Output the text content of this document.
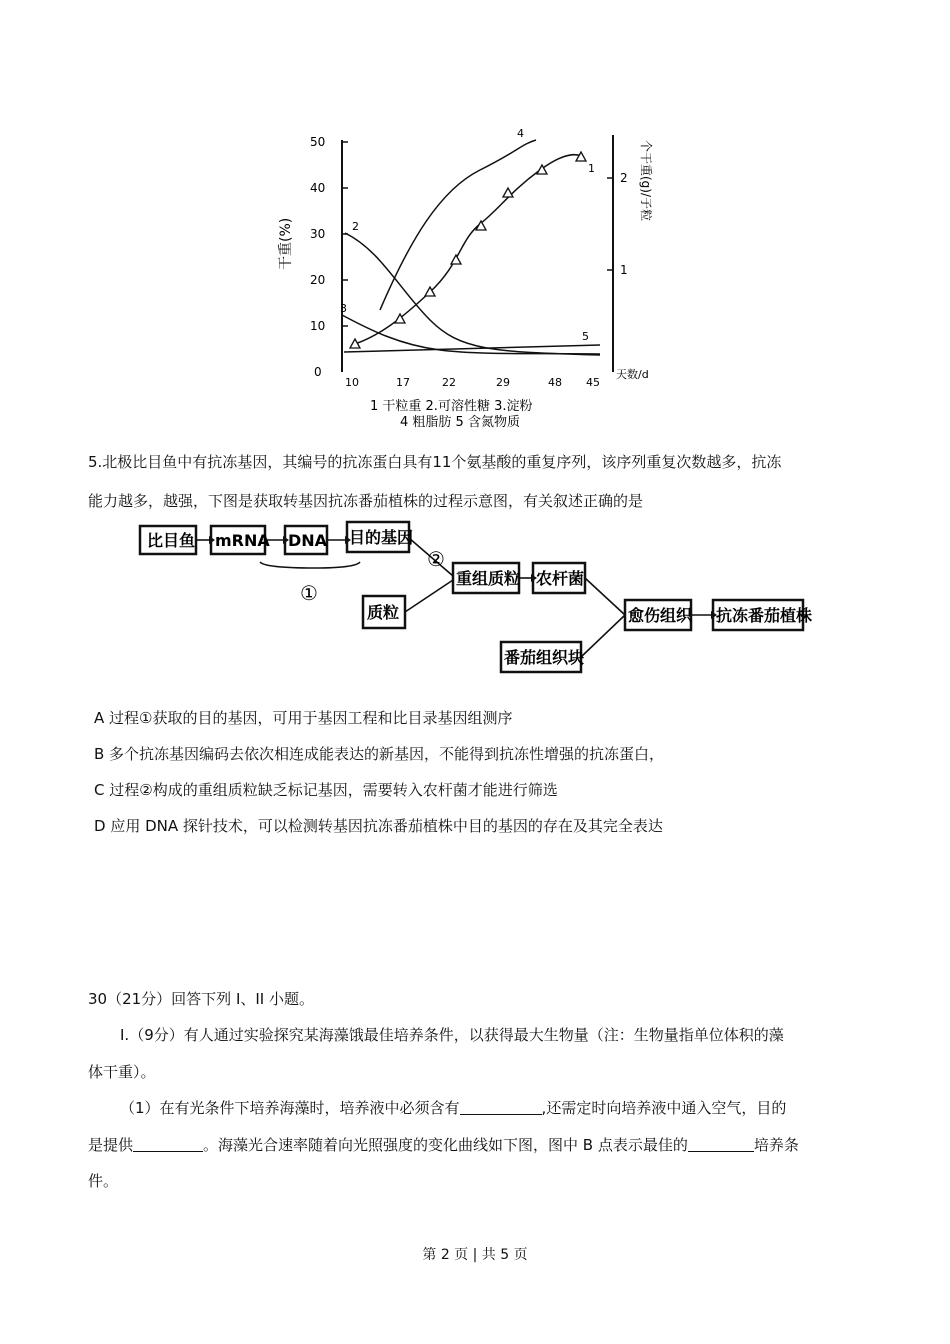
0
10
20
30
40
50
2
1
干重(%)
个干重(g)/子粒
10	17	22	29	48 45
天数/d
1
2
3
4
5
1 干粒重 2.可溶性糖 3.淀粉
4 粗脂肪 5 含氮物质
5.北极比目鱼中有抗冻基因，其编号的抗冻蛋白具有11个氨基酸的重复序列，该序列重复次数越多，抗冻
能力越多，越强，下图是获取转基因抗冻番茄植株的过程示意图，有关叙述正确的是
比目鱼 mRNA DNA 目的基因
质粒
重组质粒 农杆菌
番茄组织块
愈伤组织 抗冻番茄植株
①
②
A 过程①获取的目的基因，可用于基因工程和比目录基因组测序
B 多个抗冻基因编码去依次相连成能表达的新基因，不能得到抗冻性增强的抗冻蛋白，
C 过程②构成的重组质粒缺乏标记基因，需要转入农杆菌才能进行筛选
D 应用 DNA 探针技术，可以检测转基因抗冻番茄植株中目的基因的存在及其完全表达
30（21分）回答下列 I、II 小题。
I.（9分）有人通过实验探究某海藻饿最佳培养条件，以获得最大生物量（注：生物量指单位体积的藻
体干重）。
（1）在有光条件下培养海藻时，培养液中必须含有	,还需定时向培养液中通入空气，目的
是提供	。海藻光合速率随着向光照强度的变化曲线如下图，图中 B 点表示最佳的	培养条
件。
第 2 页 | 共 5 页
